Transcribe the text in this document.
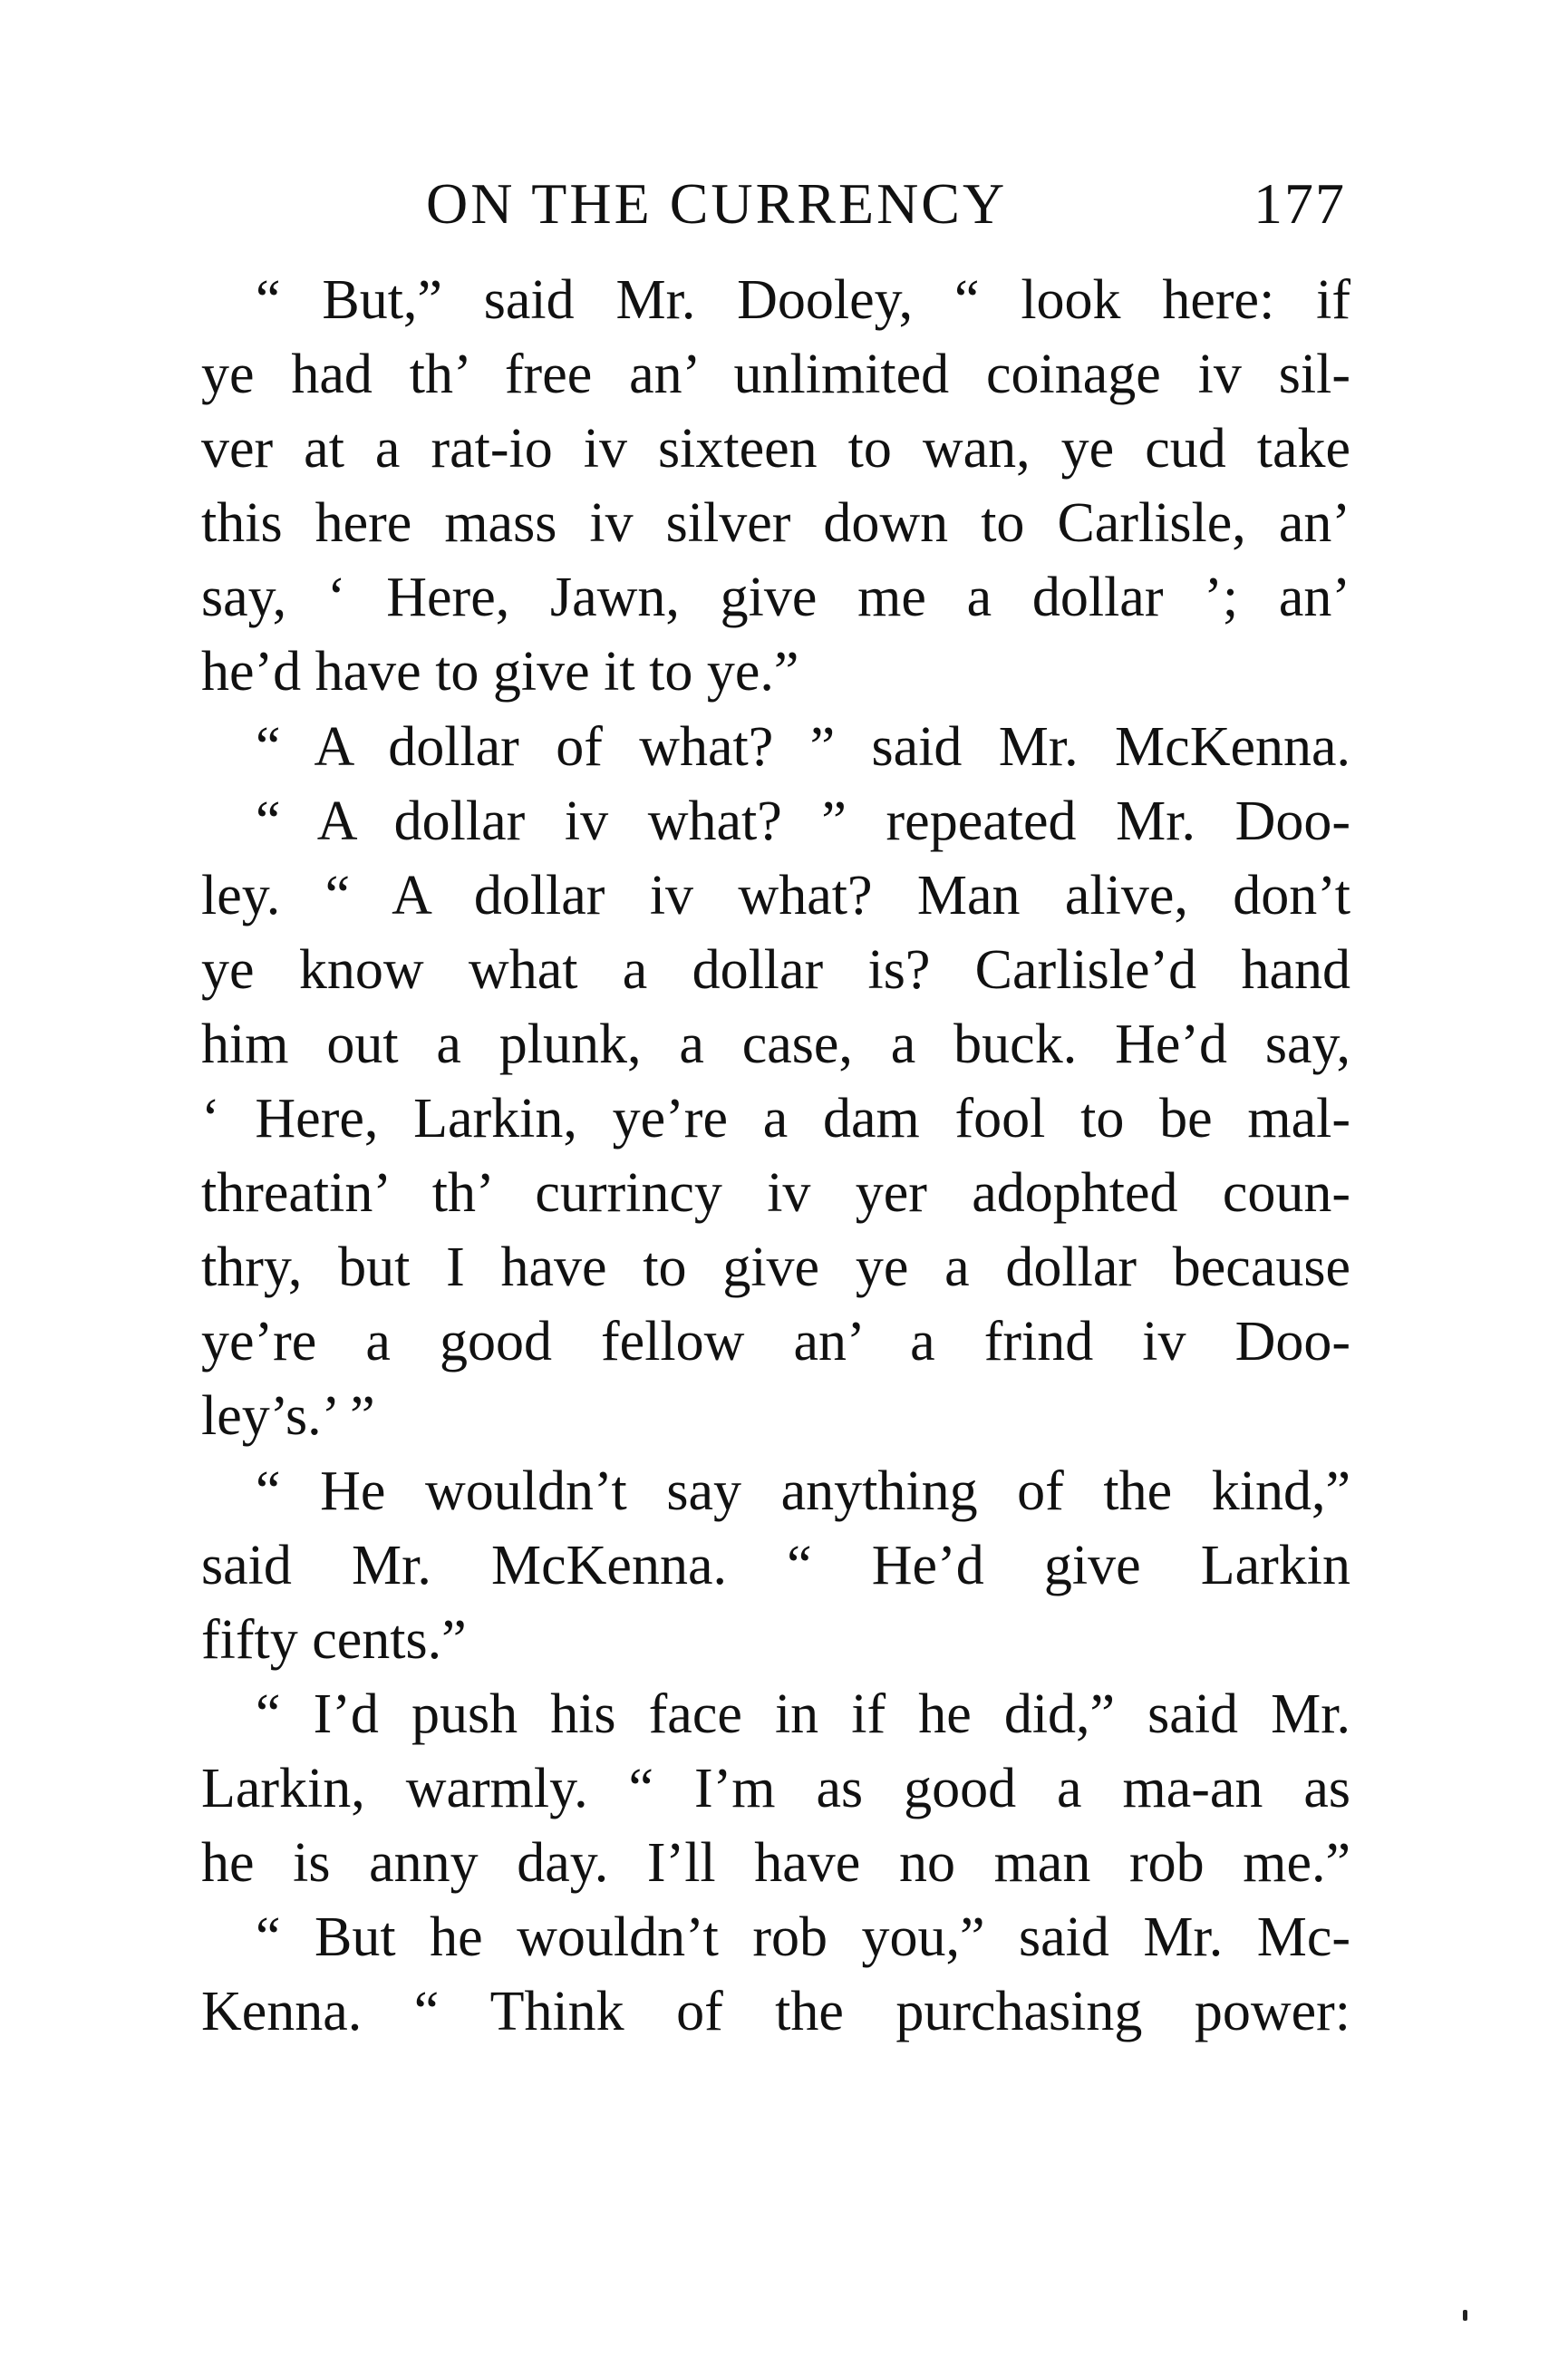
ON THE CURRENCY	177
“ But,” said Mr. Dooley, “ look here: if
ye had th’ free an’ unlimited coinage iv sil-
ver at a rat-io iv sixteen to wan, ye cud take
this here mass iv silver down to Carlisle, an’
say, ‘ Here, Jawn, give me a dollar ’; an’
he’d have to give it to ye.”
“ A dollar of what? ” said Mr. McKenna.
“ A dollar iv what? ” repeated Mr. Doo-
ley. “ A dollar iv what? Man alive, don’t
ye know what a dollar is? Carlisle’d hand
him out a plunk, a case, a buck. He’d say,
‘ Here, Larkin, ye’re a dam fool to be mal-
threatin’ th’ currincy iv yer adophted coun-
thry, but I have to give ye a dollar because
ye’re a good fellow an’ a frind iv Doo-
ley’s.’ ”
“ He wouldn’t say anything of the kind,”
said Mr. McKenna. “ He’d give Larkin
fifty cents.”
“ I’d push his face in if he did,” said Mr.
Larkin, warmly. “ I’m as good a ma-an as
he is anny day. I’ll have no man rob me.”
“ But he wouldn’t rob you,” said Mr. Mc-
Kenna. “ Think of the purchasing power:
